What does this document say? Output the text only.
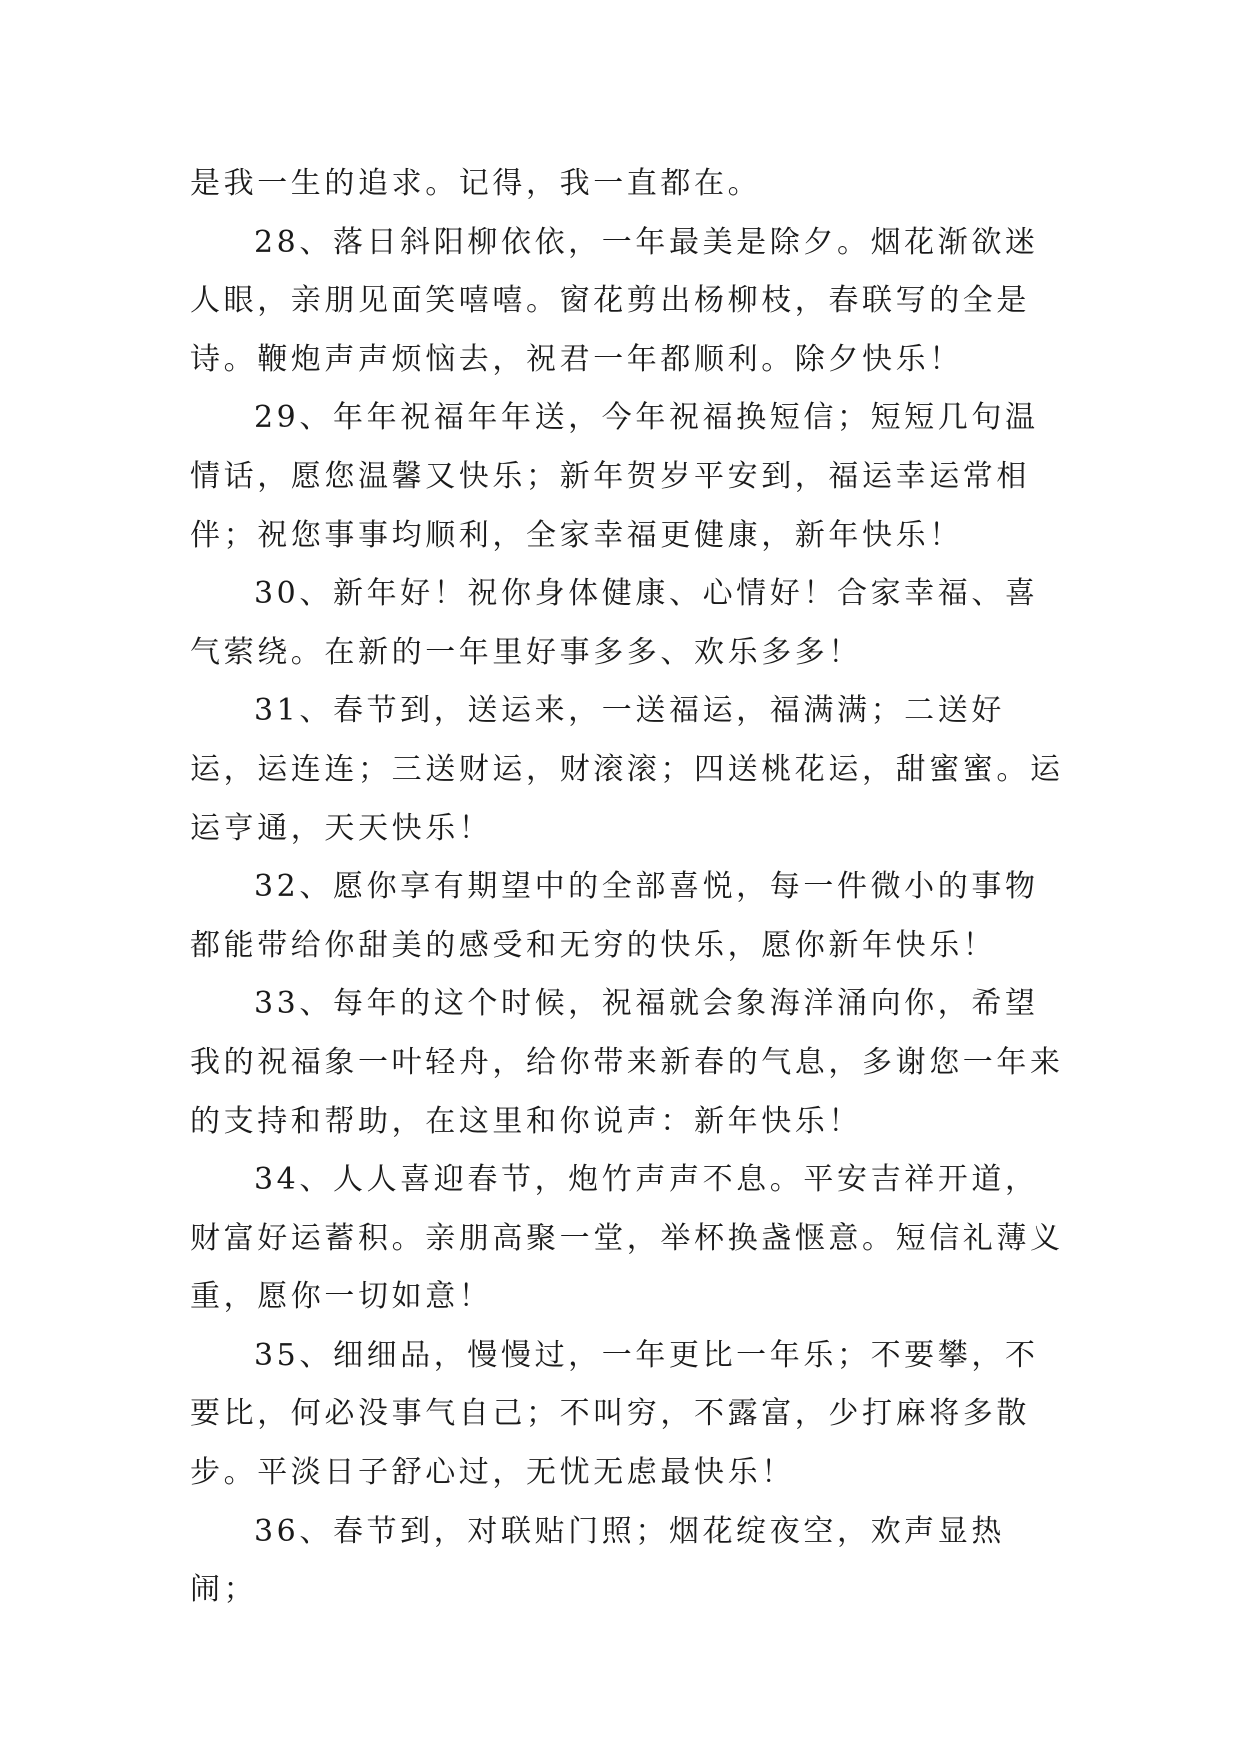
是我一生的追求。记得，我一直都在。

28、落日斜阳柳依依，一年最美是除夕。烟花渐欲迷人眼，亲朋见面笑嘻嘻。窗花剪出杨柳枝，春联写的全是诗。鞭炮声声烦恼去，祝君一年都顺利。除夕快乐！

29、年年祝福年年送，今年祝福换短信；短短几句温情话，愿您温馨又快乐；新年贺岁平安到，福运幸运常相伴；祝您事事均顺利，全家幸福更健康，新年快乐！

30、新年好！祝你身体健康、心情好！合家幸福、喜气萦绕。在新的一年里好事多多、欢乐多多！

31、春节到，送运来，一送福运，福满满；二送好运，运连连；三送财运，财滚滚；四送桃花运，甜蜜蜜。运运亨通，天天快乐！

32、愿你享有期望中的全部喜悦，每一件微小的事物都能带给你甜美的感受和无穷的快乐，愿你新年快乐！

33、每年的这个时候，祝福就会象海洋涌向你，希望我的祝福象一叶轻舟，给你带来新春的气息，多谢您一年来的支持和帮助，在这里和你说声：新年快乐！

34、人人喜迎春节，炮竹声声不息。平安吉祥开道，财富好运蓄积。亲朋高聚一堂，举杯换盏惬意。短信礼薄义重，愿你一切如意！

35、细细品，慢慢过，一年更比一年乐；不要攀，不要比，何必没事气自己；不叫穷，不露富，少打麻将多散步。平淡日子舒心过，无忧无虑最快乐！

36、春节到，对联贴门照；烟花绽夜空，欢声显热闹；
